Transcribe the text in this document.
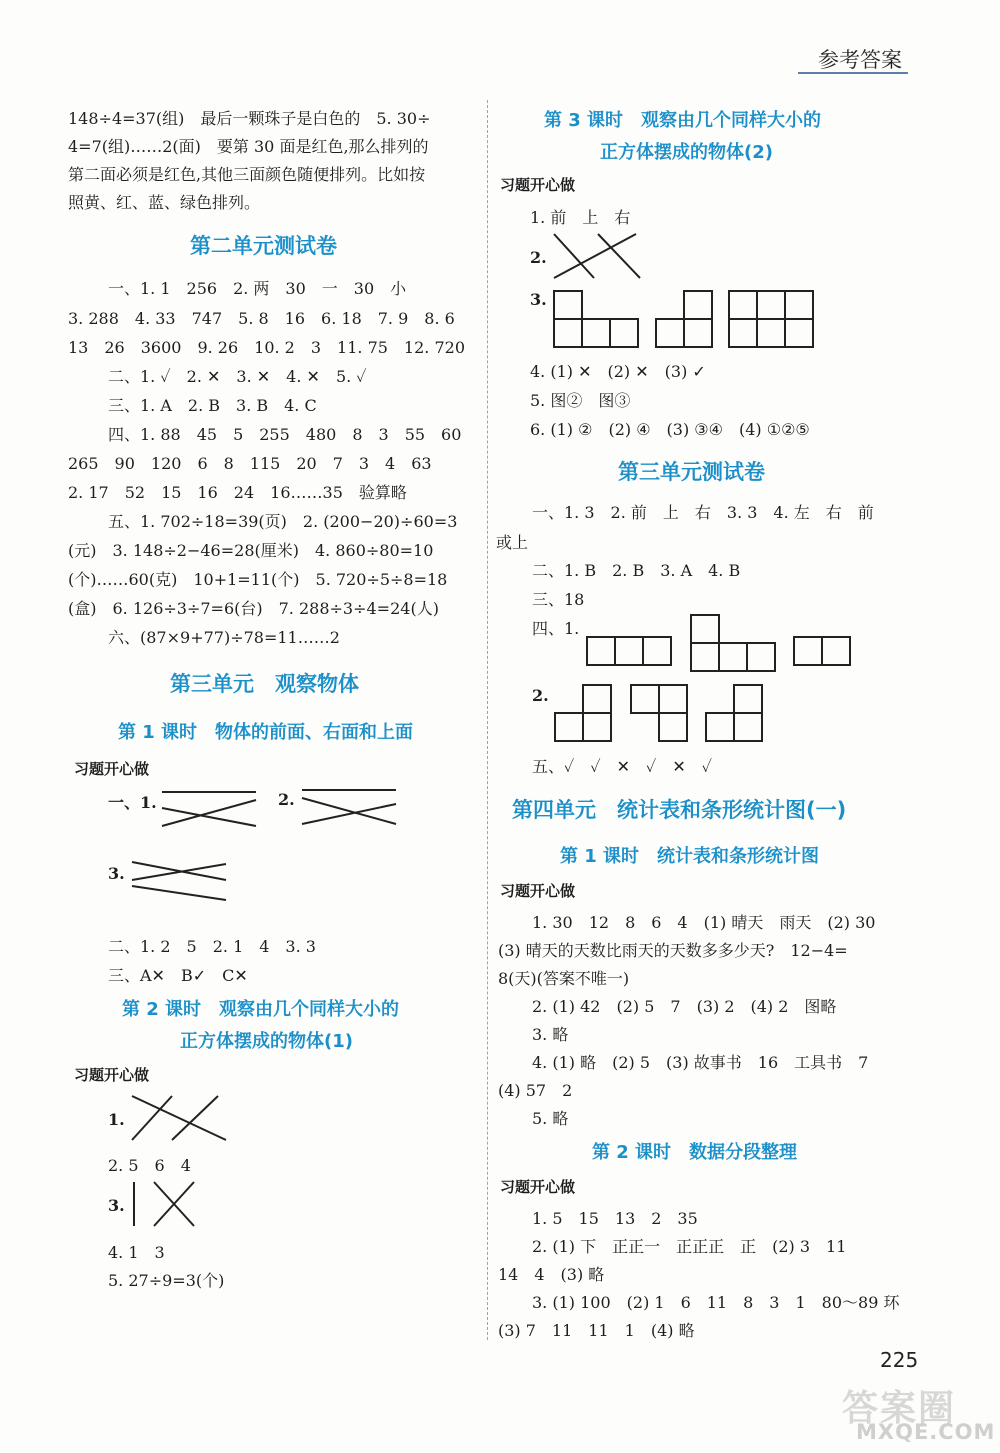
参考答案
148÷4=37(组)　最后一颗珠子是白色的　5. 30÷
4=7(组)……2(面)　要第 30 面是红色,那么排列的
第二面必须是红色,其他三面颜色随便排列。比如按
照黄、红、蓝、绿色排列。
第二单元测试卷
一、1. 1　256　2. 两　30　一　30　小
3. 288　4. 33　747　5. 8　16　6. 18　7. 9　8. 6
13　26　3600　9. 26　10. 2　3　11. 75　12. 720
二、1. ✓　2. ✕　3. ✕　4. ✕　5. ✓
三、1. A　2. B　3. B　4. C
四、1. 88　45　5　255　480　8　3　55　60
265　90　120　6　8　115　20　7　3　4　63
2. 17　52　15　16　24　16……35　验算略
五、1. 702÷18=39(页)　2. (200−20)÷60=3
(元)　3. 148÷2−46=28(厘米)　4. 860÷80=10
(个)……60(克)　10+1=11(个)　5. 720÷5÷8=18
(盒)　6. 126÷3÷7=6(台)　7. 288÷3÷4=24(人)
六、(87×9+77)÷78=11……2
第三单元　观察物体
第 1 课时　物体的前面、右面和上面
习题开心做
一、1.	2.
3.
二、1. 2　5　2. 1　4　3. 3
三、A✕　B✓　C✕
第 2 课时　观察由几个同样大小的
正方体摆成的物体(1)
习题开心做
1.
2. 5　6　4
3.
4. 1　3
5. 27÷9=3(个)
第 3 课时　观察由几个同样大小的
正方体摆成的物体(2)
习题开心做
1. 前　上　右
2.
3.
4. (1) ✕　(2) ✕　(3) ✓
5. 图②　图③
6. (1) ②　(2) ④　(3) ③④　(4) ①②⑤
第三单元测试卷
一、1. 3　2. 前　上　右　3. 3　4. 左　右　前
或上
二、1. B　2. B　3. A　4. B
三、18
四、1.
2.
五、✓　✓　✕　✓　✕　✓
第四单元　统计表和条形统计图(一)
第 1 课时　统计表和条形统计图
习题开心做
1. 30　12　8　6　4　(1) 晴天　雨天　(2) 30
(3) 晴天的天数比雨天的天数多多少天?　12−4=
8(天)(答案不唯一)
2. (1) 42　(2) 5　7　(3) 2　(4) 2　图略
3. 略
4. (1) 略　(2) 5　(3) 故事书　16　工具书　7
(4) 57　2
5. 略
第 2 课时　数据分段整理
习题开心做
1. 5　15　13　2　35
2. (1) 下　正正一　正正正　正　(2) 3　11
14　4　(3) 略
3. (1) 100　(2) 1　6　11　8　3　1　80～89 环
(3) 7　11　11　1　(4) 略
225
答案圈
MXQE.COM
